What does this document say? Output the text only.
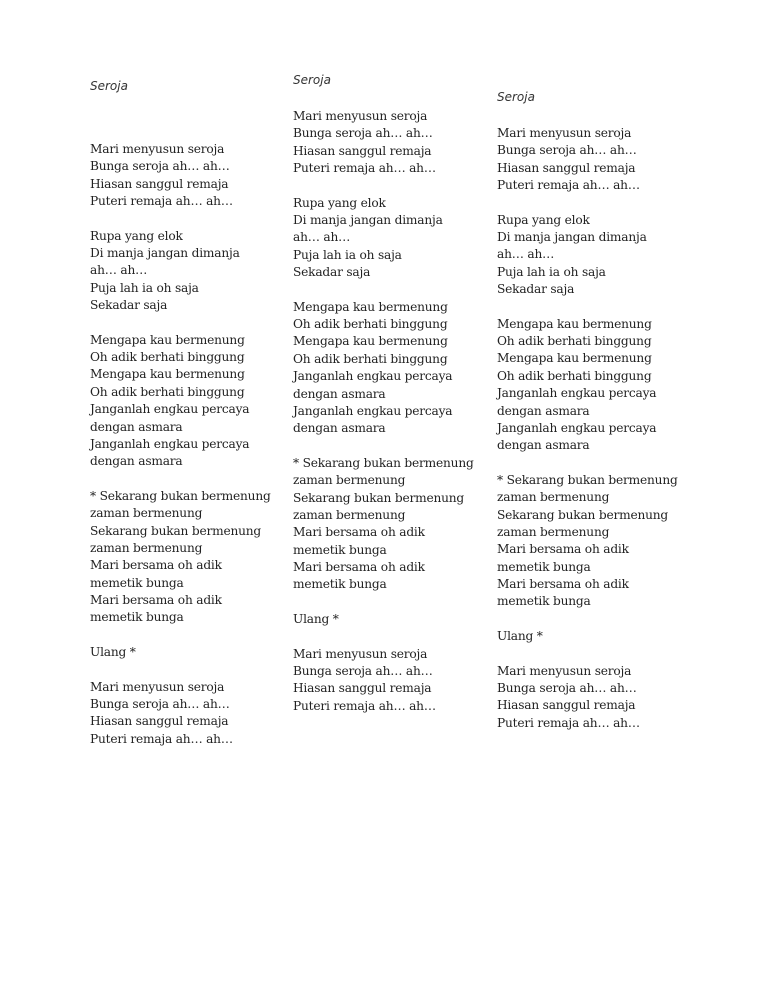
Seroja
Mari menyusun seroja
Bunga seroja ah… ah…
Hiasan sanggul remaja
Puteri remaja ah… ah…
Rupa yang elok
Di manja jangan dimanja
ah… ah…
Puja lah ia oh saja
Sekadar saja
Mengapa kau bermenung
Oh adik berhati binggung
Mengapa kau bermenung
Oh adik berhati binggung
Janganlah engkau percaya
dengan asmara
Janganlah engkau percaya
dengan asmara
* Sekarang bukan bermenung
zaman bermenung
Sekarang bukan bermenung
zaman bermenung
Mari bersama oh adik
memetik bunga
Mari bersama oh adik
memetik bunga
Ulang *
Mari menyusun seroja
Bunga seroja ah… ah…
Hiasan sanggul remaja
Puteri remaja ah… ah…
Seroja
Mari menyusun seroja
Bunga seroja ah… ah…
Hiasan sanggul remaja
Puteri remaja ah… ah…
Rupa yang elok
Di manja jangan dimanja
ah… ah…
Puja lah ia oh saja
Sekadar saja
Mengapa kau bermenung
Oh adik berhati binggung
Mengapa kau bermenung
Oh adik berhati binggung
Janganlah engkau percaya
dengan asmara
Janganlah engkau percaya
dengan asmara
* Sekarang bukan bermenung
zaman bermenung
Sekarang bukan bermenung
zaman bermenung
Mari bersama oh adik
memetik bunga
Mari bersama oh adik
memetik bunga
Ulang *
Mari menyusun seroja
Bunga seroja ah… ah…
Hiasan sanggul remaja
Puteri remaja ah… ah…
Seroja
Mari menyusun seroja
Bunga seroja ah… ah…
Hiasan sanggul remaja
Puteri remaja ah… ah…
Rupa yang elok
Di manja jangan dimanja
ah… ah…
Puja lah ia oh saja
Sekadar saja
Mengapa kau bermenung
Oh adik berhati binggung
Mengapa kau bermenung
Oh adik berhati binggung
Janganlah engkau percaya
dengan asmara
Janganlah engkau percaya
dengan asmara
* Sekarang bukan bermenung
zaman bermenung
Sekarang bukan bermenung
zaman bermenung
Mari bersama oh adik
memetik bunga
Mari bersama oh adik
memetik bunga
Ulang *
Mari menyusun seroja
Bunga seroja ah… ah…
Hiasan sanggul remaja
Puteri remaja ah… ah…
